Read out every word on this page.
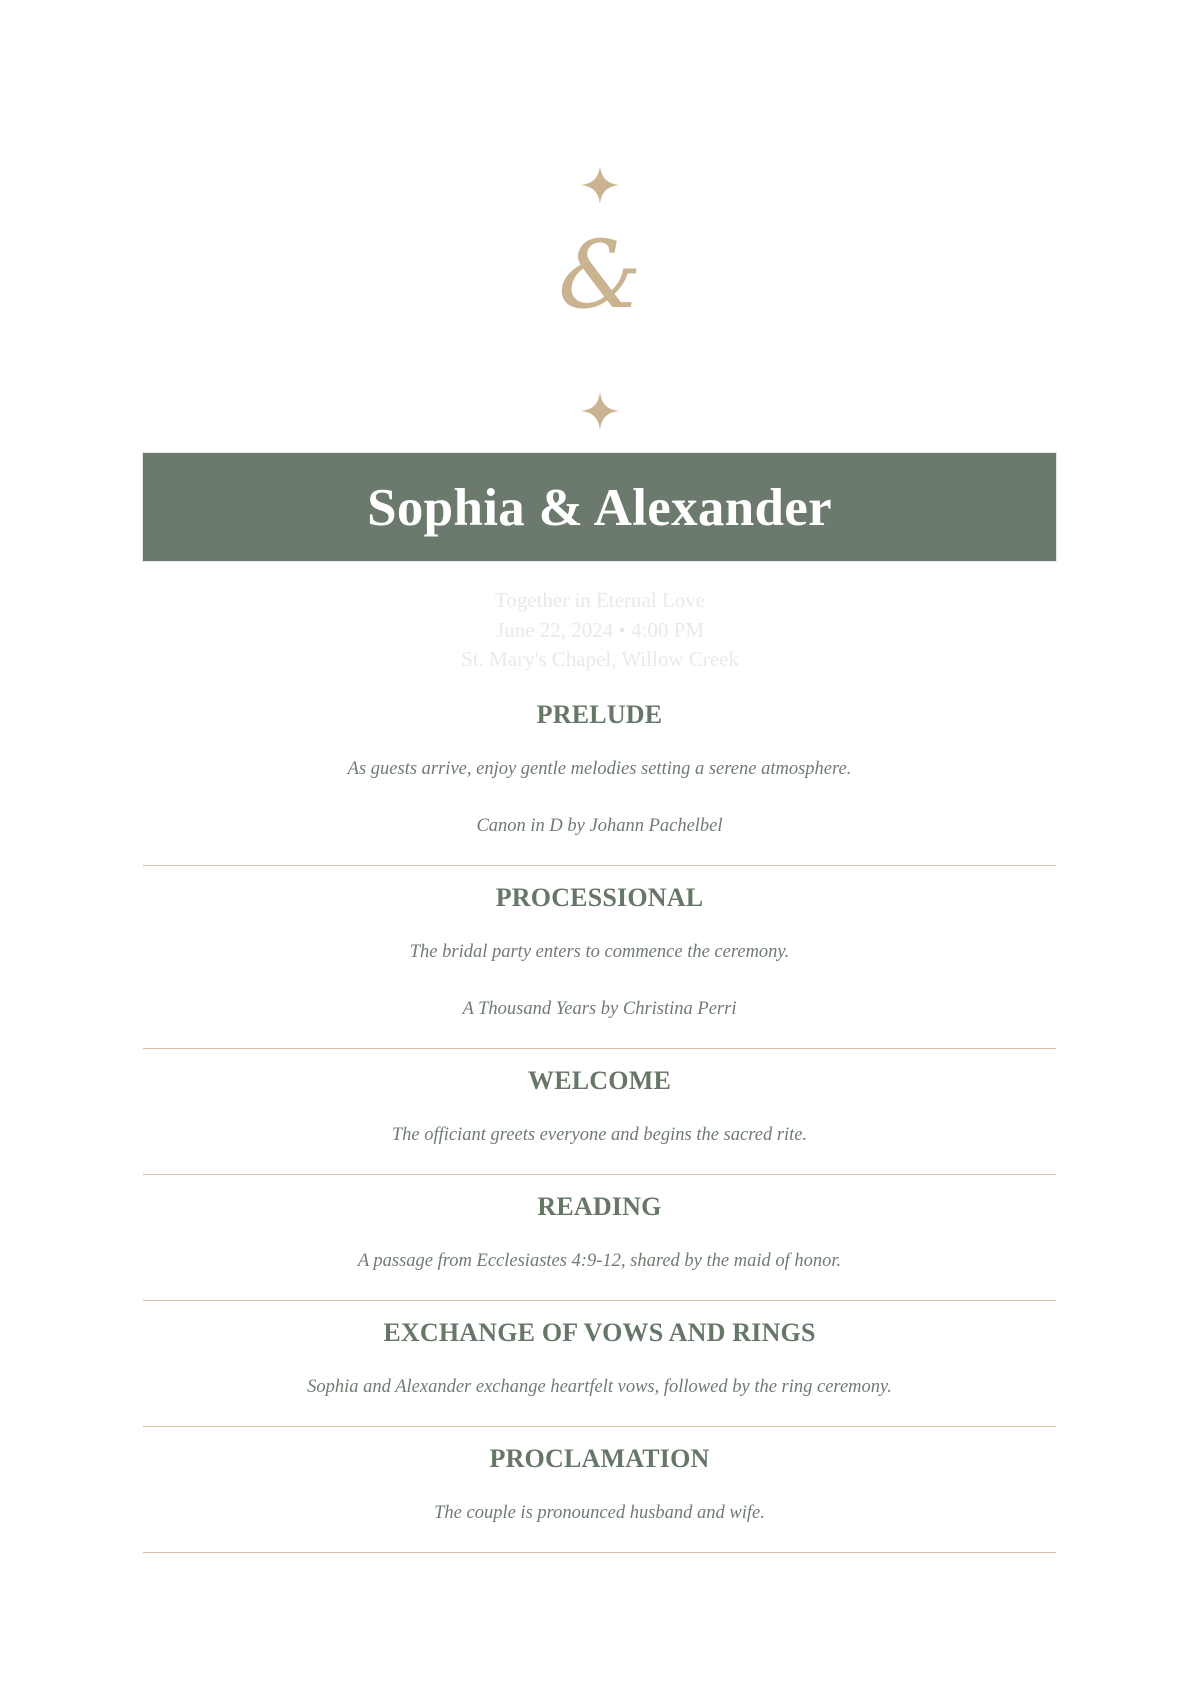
&
Sophia & Alexander
Together in Eternal Love
June 22, 2024 • 4:00 PM
St. Mary's Chapel, Willow Creek
PRELUDE

As guests arrive, enjoy gentle melodies setting a serene atmosphere.

Canon in D by Johann Pachelbel

PROCESSIONAL

The bridal party enters to commence the ceremony.

A Thousand Years by Christina Perri

WELCOME

The officiant greets everyone and begins the sacred rite.

READING

A passage from Ecclesiastes 4:9-12, shared by the maid of honor.

EXCHANGE OF VOWS AND RINGS

Sophia and Alexander exchange heartfelt vows, followed by the ring ceremony.

PROCLAMATION

The couple is pronounced husband and wife.
